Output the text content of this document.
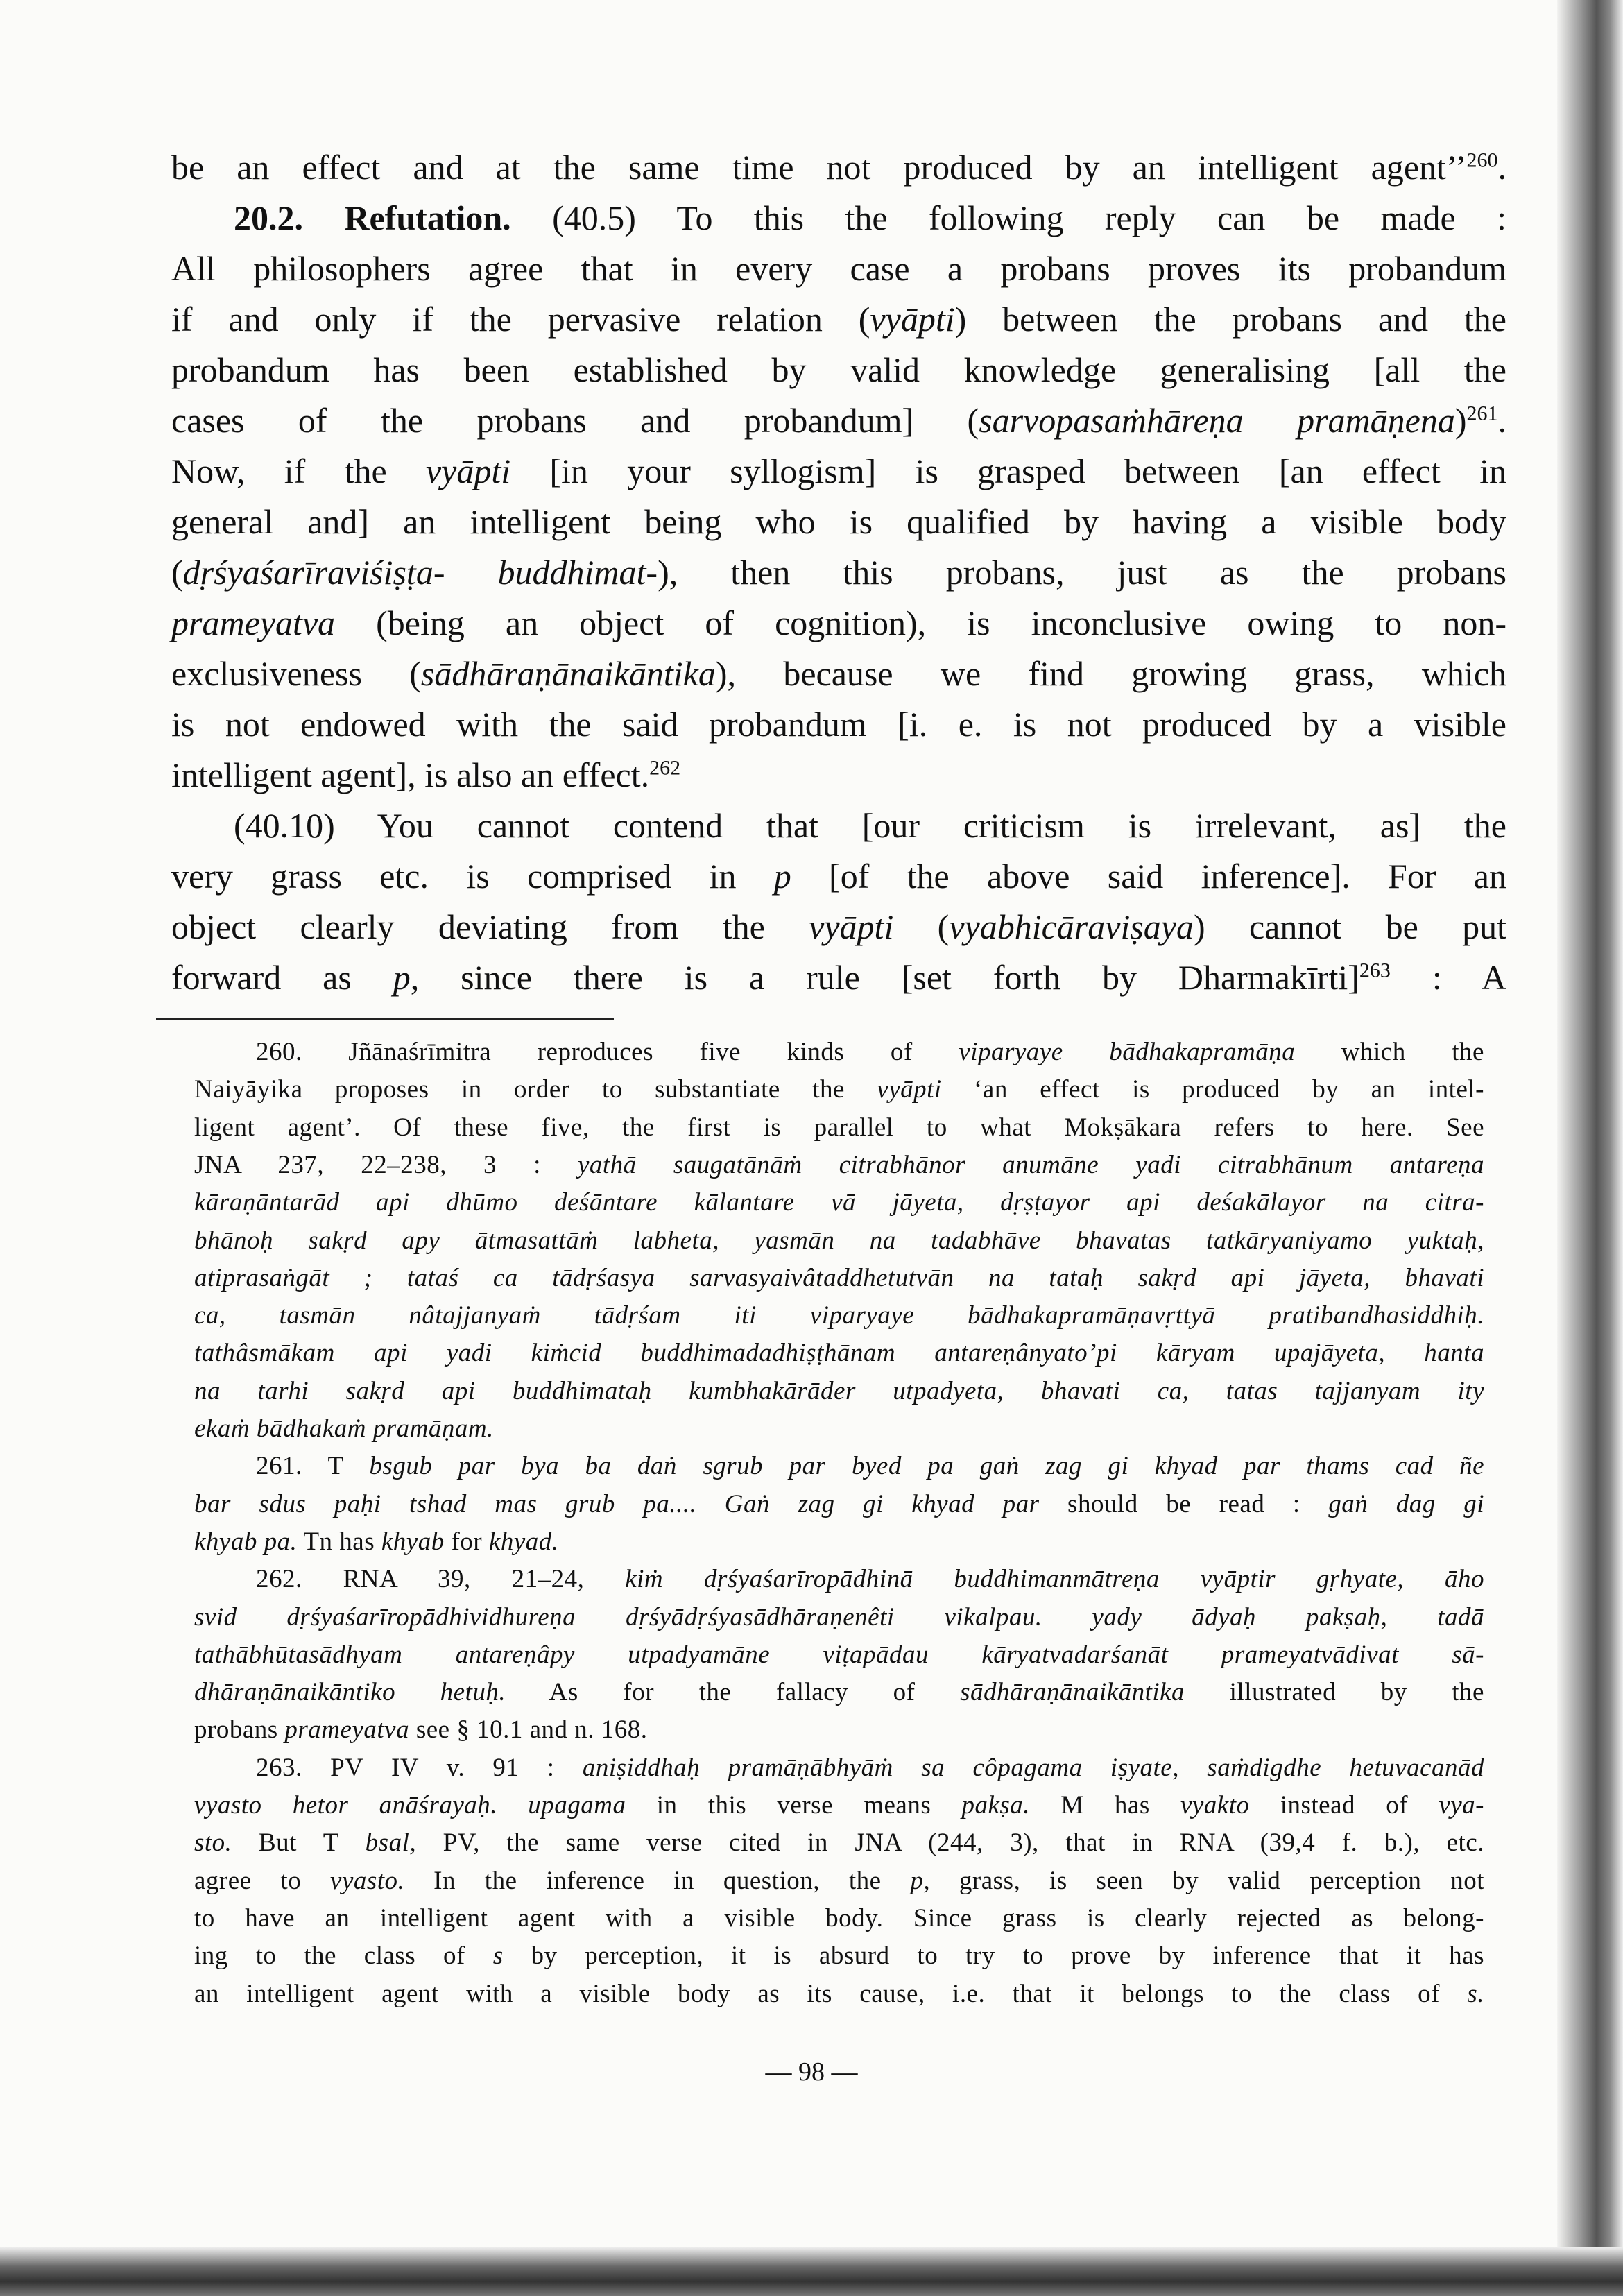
be an effect and at the same time not produced by an intelligent agent’’$^{260}$.
20.2. Refutation. (40.5) To this the following reply can be made :
All philosophers agree that in every case a probans proves its probandum
if and only if the pervasive relation (vyāpti) between the probans and the
probandum has been established by valid knowledge generalising [all the
cases of the probans and probandum] (sarvopasaṁhāreṇa pramāṇena)$^{261}$.
Now, if the vyāpti [in your syllogism] is grasped between [an effect in
general and] an intelligent being who is qualified by having a visible body
(dṛśyaśarīraviśiṣṭa- buddhimat-), then this probans, just as the probans
prameyatva (being an object of cognition), is inconclusive owing to non-
exclusiveness (sādhāraṇānaikāntika), because we find growing grass, which
is not endowed with the said probandum [i. e. is not produced by a visible
intelligent agent], is also an effect.$^{262}$
(40.10) You cannot contend that [our criticism is irrelevant, as] the
very grass etc. is comprised in p [of the above said inference]. For an
object clearly deviating from the vyāpti (vyabhicāraviṣaya) cannot be put
forward as p, since there is a rule [set forth by Dharmakīrti]$^{263}$ : A
260. Jñānaśrīmitra reproduces five kinds of viparyaye bādhakapramāṇa which the
Naiyāyika proposes in order to substantiate the vyāpti ‘an effect is produced by an intel-
ligent agent’. Of these five, the first is parallel to what Mokṣākara refers to here. See
JNA 237, 22–238, 3 : yathā saugatānāṁ citrabhānor anumāne yadi citrabhānum antareṇa
kāraṇāntarād api dhūmo deśāntare kālantare vā jāyeta, dṛṣṭayor api deśakālayor na citra-
bhānoḥ sakṛd apy ātmasattāṁ labheta, yasmān na tadabhāve bhavatas tatkāryaniyamo yuktaḥ,
atiprasaṅgāt ; tataś ca tādṛśasya sarvasyaivâtaddhetutvān na tataḥ sakṛd api jāyeta, bhavati
ca, tasmān nâtajjanyaṁ tādṛśam iti viparyaye bādhakapramāṇavṛttyā pratibandhasiddhiḥ.
tathâsmākam api yadi kiṁcid buddhimadadhiṣṭhānam antareṇânyato’pi kāryam upajāyeta, hanta
na tarhi sakṛd api buddhimataḥ kumbhakārāder utpadyeta, bhavati ca, tatas tajjanyam ity
ekaṁ bādhakaṁ pramāṇam.
261. T bsgub par bya ba daṅ sgrub par byed pa gaṅ zag gi khyad par thams cad ñe
bar sdus paḥi tshad mas grub pa.... Gaṅ zag gi khyad par should be read : gaṅ dag gi
khyab pa. Tn has khyab for khyad.
262. RNA 39, 21–24, kiṁ dṛśyaśarīropādhinā buddhimanmātreṇa vyāptir gṛhyate, āho
svid dṛśyaśarīropādhividhureṇa dṛśyādṛśyasādhāraṇenêti vikalpau. yady ādyaḥ pakṣaḥ, tadā
tathābhūtasādhyam antareṇâpy utpadyamāne viṭapādau kāryatvadarśanāt prameyatvādivat sā-
dhāraṇānaikāntiko hetuḥ. As for the fallacy of sādhāraṇānaikāntika illustrated by the
probans prameyatva see § 10.1 and n. 168.
263. PV IV v. 91 : aniṣiddhaḥ pramāṇābhyāṁ sa côpagama iṣyate, saṁdigdhe hetuvacanād
vyasto hetor anāśrayaḥ. upagama in this verse means pakṣa. M has vyakto instead of vya-
sto. But T bsal, PV, the same verse cited in JNA (244, 3), that in RNA (39,4 f. b.), etc.
agree to vyasto. In the inference in question, the p, grass, is seen by valid perception not
to have an intelligent agent with a visible body. Since grass is clearly rejected as belong-
ing to the class of s by perception, it is absurd to try to prove by inference that it has
an intelligent agent with a visible body as its cause, i.e. that it belongs to the class of s.
— 98 —
